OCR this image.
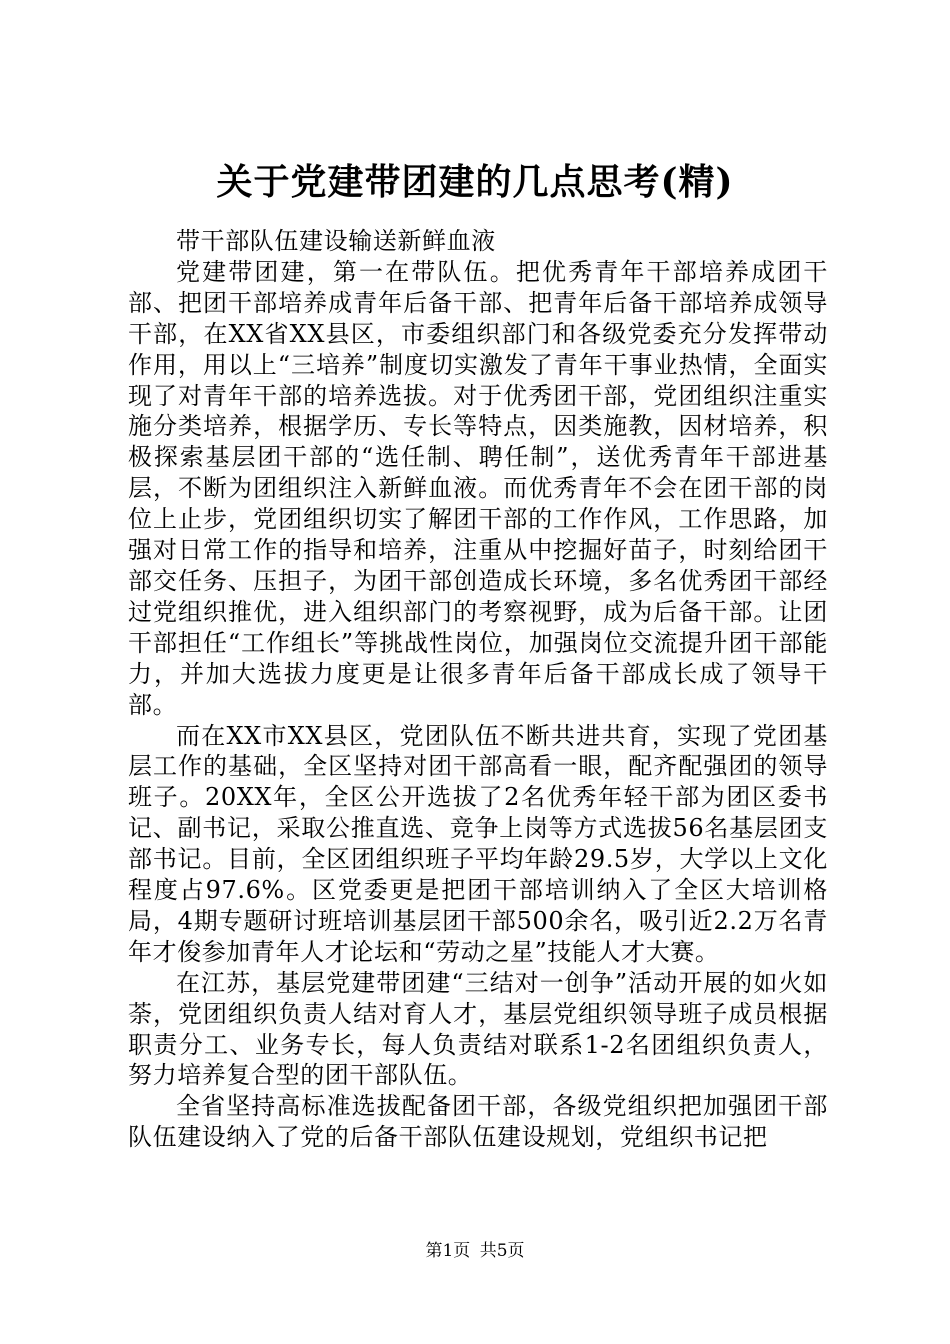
关于党建带团建的几点思考(精)

带干部队伍建设输送新鲜血液

党建带团建，第一在带队伍。把优秀青年干部培养成团干部、把团干部培养成青年后备干部、把青年后备干部培养成领导干部，在XX省XX县区，市委组织部门和各级党委充分发挥带动作用，用以上“三培养”制度切实激发了青年干事业热情，全面实现了对青年干部的培养选拔。对于优秀团干部，党团组织注重实施分类培养，根据学历、专长等特点，因类施教，因材培养，积极探索基层团干部的“选任制、聘任制”，送优秀青年干部进基层，不断为团组织注入新鲜血液。而优秀青年不会在团干部的岗位上止步，党团组织切实了解团干部的工作作风，工作思路，加强对日常工作的指导和培养，注重从中挖掘好苗子，时刻给团干部交任务、压担子，为团干部创造成长环境，多名优秀团干部经过党组织推优，进入组织部门的考察视野，成为后备干部。让团干部担任“工作组长”等挑战性岗位，加强岗位交流提升团干部能力，并加大选拔力度更是让很多青年后备干部成长成了领导干部。

而在XX市XX县区，党团队伍不断共进共育，实现了党团基层工作的基础，全区坚持对团干部高看一眼，配齐配强团的领导班子。20XX年，全区公开选拔了2名优秀年轻干部为团区委书记、副书记，采取公推直选、竞争上岗等方式选拔56名基层团支部书记。目前，全区团组织班子平均年龄29.5岁，大学以上文化程度占97.6%。区党委更是把团干部培训纳入了全区大培训格局，4期专题研讨班培训基层团干部500余名，吸引近2.2万名青年才俊参加青年人才论坛和“劳动之星”技能人才大赛。

在江苏，基层党建带团建“三结对一创争”活动开展的如火如荼，党团组织负责人结对育人才，基层党组织领导班子成员根据职责分工、业务专长，每人负责结对联系1-2名团组织负责人，努力培养复合型的团干部队伍。

全省坚持高标准选拔配备团干部，各级党组织把加强团干部队伍建设纳入了党的后备干部队伍建设规划，党组织书记把

第1页 共5页
